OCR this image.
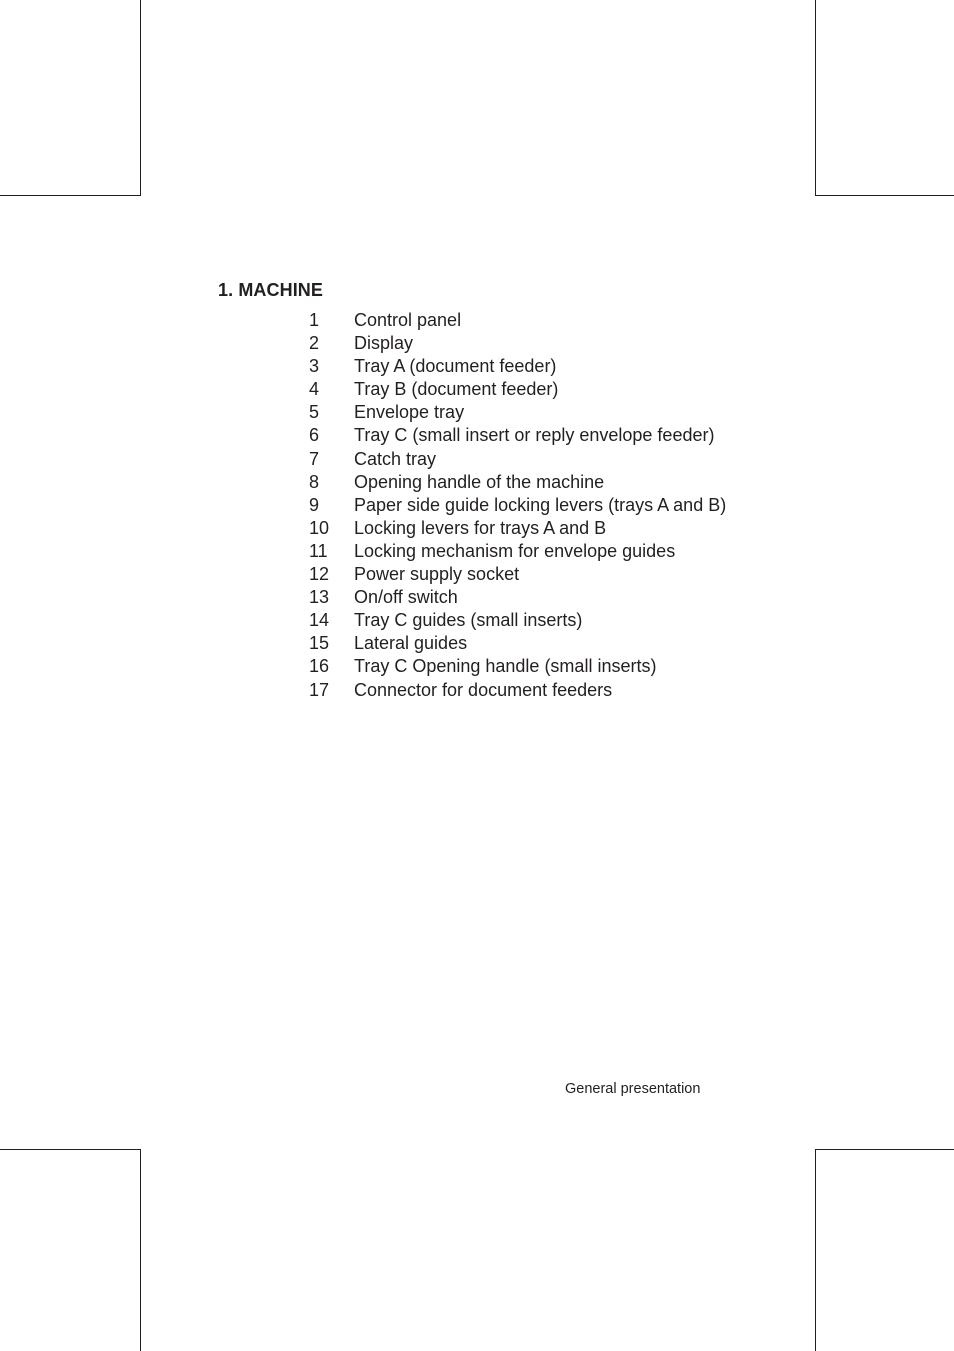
1. MACHINE
1 Control panel
2 Display
3 Tray A (document feeder)
4 Tray B (document feeder)
5 Envelope tray
6 Tray C (small insert or reply envelope feeder)
7 Catch tray
8 Opening handle of the machine
9 Paper side guide locking levers (trays A and B)
10 Locking levers for trays A and B
11 Locking mechanism for envelope guides
12 Power supply socket
13 On/off switch
14 Tray C guides (small inserts)
15 Lateral guides
16 Tray C Opening handle (small inserts)
17 Connector for document feeders
General presentation
